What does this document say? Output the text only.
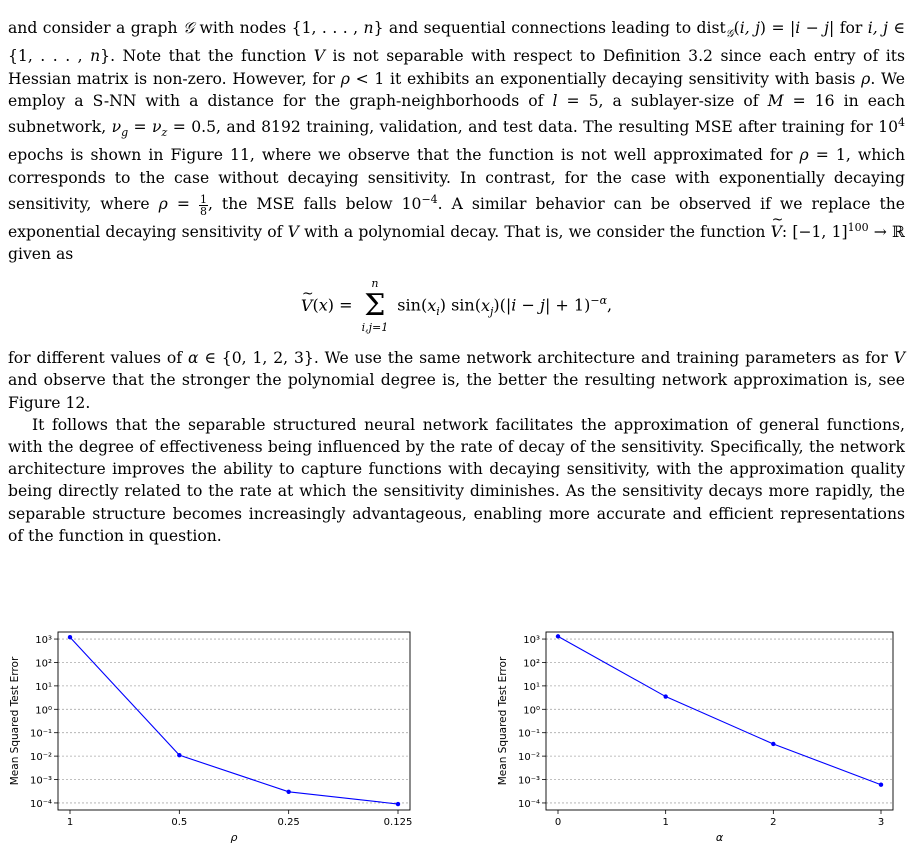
and consider a graph 𝒢 with nodes {1, . . . , n} and sequential connections leading to dist$_𝒢$(i, j) = |i − j| for i, j ∈ {1, . . . , n}. Note that the function V is not separable with respect to Definition 3.2 since each entry of its Hessian matrix is non-zero. However, for ρ < 1 it exhibits an exponentially decaying sensitivity with basis ρ. We employ a S-NN with a distance for the graph-neighborhoods of l = 5, a sublayer-size of M = 16 in each subnetwork, $\nu_g = \nu_z = 0.5$, and 8192 training, validation, and test data. The resulting MSE after training for $10^4$ epochs is shown in Figure 11, where we observe that the function is not well approximated for ρ = 1, which corresponds to the case without decaying sensitivity. In contrast, for the case with exponentially decaying sensitivity, where $\rho = \frac{1}{8}$ , the MSE falls below $10^{-4}$. A similar behavior can be observed if we replace the exponential decaying sensitivity of V with a polynomial decay. That is, we consider the function ~ V: [−1, 1]$^{100}$ → ℝ given as

~ V(x) =
n
Σ
i,j=1
$\sin(x_i) \sin(x_j)(|i - j| + 1)^{-\alpha}$,

for different values of α ∈ {0, 1, 2, 3}. We use the same network architecture and training parameters as for V and observe that the stronger the polynomial degree is, the better the resulting network approximation is, see Figure 12.

It follows that the separable structured neural network facilitates the approximation of general functions, with the degree of effectiveness being influenced by the rate of decay of the sensitivity. Specifically, the network architecture improves the ability to capture functions with decaying sensitivity, with the approximation quality being directly related to the rate at which the sensitivity diminishes. As the sensitivity decays more rapidly, the separable structure becomes increasingly advantageous, enabling more accurate and efficient representations of the function in question.

10³
10²
10¹
10⁰
10⁻¹
10⁻²
10⁻³
10⁻⁴
1	0.5	0.25	0.125
ρ
Mean Squared Test Error
10³
10²
10¹
10⁰
10⁻¹
10⁻²
10⁻³
10⁻⁴
0	1	2	3
α
Mean Squared Test Error
